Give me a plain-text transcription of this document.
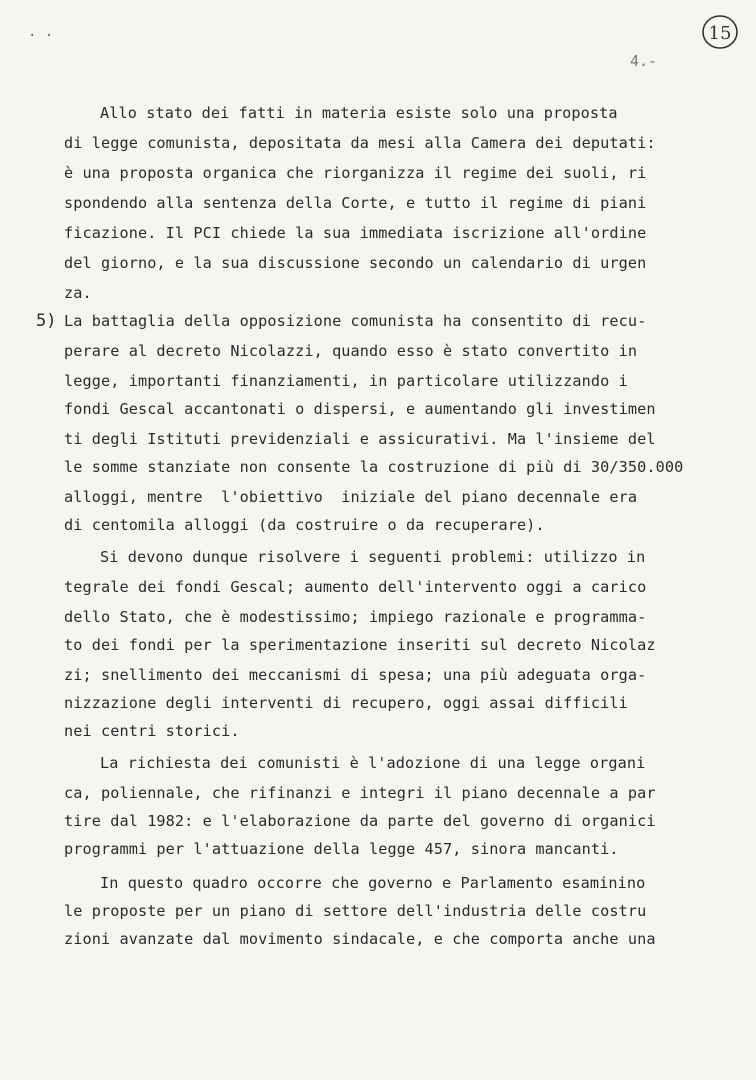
· ·	15
4.-
Allo stato dei fatti in materia esiste solo una proposta
di legge comunista, depositata da mesi alla Camera dei deputati:
è una proposta organica che riorganizza il regime dei suoli, ri
spondendo alla sentenza della Corte, e tutto il regime di piani
ficazione. Il PCI chiede la sua immediata iscrizione all'ordine
del giorno, e la sua discussione secondo un calendario di urgen
za.
5) La battaglia della opposizione comunista ha consentito di recu-
perare al decreto Nicolazzi, quando esso è stato convertito in
legge, importanti finanziamenti, in particolare utilizzando i
fondi Gescal accantonati o dispersi, e aumentando gli investimen
ti degli Istituti previdenziali e assicurativi. Ma l'insieme del
le somme stanziate non consente la costruzione di più di 30/350.000
alloggi, mentre  l'obiettivo  iniziale del piano decennale era
di centomila alloggi (da costruire o da recuperare).
Si devono dunque risolvere i seguenti problemi: utilizzo in
tegrale dei fondi Gescal; aumento dell'intervento oggi a carico
dello Stato, che è modestissimo; impiego razionale e programma-
to dei fondi per la sperimentazione inseriti sul decreto Nicolaz
zi; snellimento dei meccanismi di spesa; una più adeguata orga-
nizzazione degli interventi di recupero, oggi assai difficili
nei centri storici.
La richiesta dei comunisti è l'adozione di una legge organi
ca, poliennale, che rifinanzi e integri il piano decennale a par
tire dal 1982: e l'elaborazione da parte del governo di organici
programmi per l'attuazione della legge 457, sinora mancanti.
In questo quadro occorre che governo e Parlamento esaminino
le proposte per un piano di settore dell'industria delle costru
zioni avanzate dal movimento sindacale, e che comporta anche una
